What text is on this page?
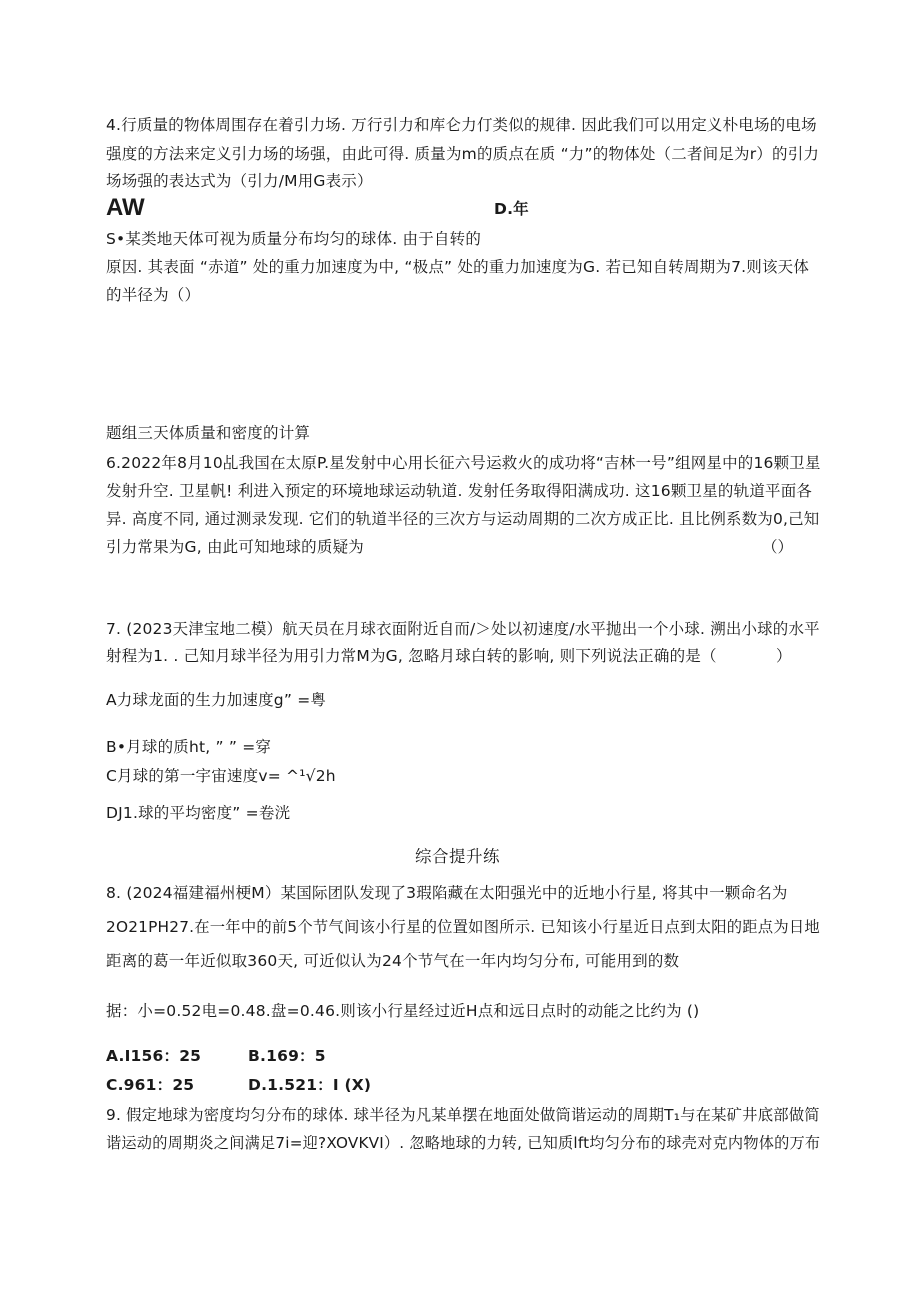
4.行质量的物体周围存在着引力场. 万行引力和库仑力仃类似的规律. 因此我们可以用定义朴电场的电场
强度的方法来定义引力场的场强，由此可得. 质量为m的质点在质 “力”的物体处（二者间足为r）的引力
场场强的表达式为（引力/M用G表示）
AW	D.年
S•某类地天体可视为质量分布均匀的球体. 由于自转的
原因. 其表面 “赤道” 处的重力加速度为中, “极点” 处的重力加速度为G. 若已知自转周期为7.则该天体
的半径为（）
题组三天体质量和密度的计算
6.2022年8月10乩我国在太原P.星发射中心用长征六号运救火的成功将“吉林一号”组网星中的16颗卫星
发射升空. 卫星帆! 利进入预定的环境地球运动轨道. 发射任务取得阳满成功. 这16颗卫星的轨道平面各
异. 高度不同, 通过测录发现. 它们的轨道半径的三次方与运动周期的二次方成正比. 且比例系数为0,己知
引力常果为G, 由此可知地球的质疑为	（）
7. (2023天津宝地二模）航天员在月球衣面附近自而/＞处以初速度/水平抛出一个小球. 溯出小球的水平
射程为1. . 己知月球半径为用引力常M为G, 忽略月球白转的影响, 则下列说法正确的是（	）
A力球龙面的生力加速度g” =粤
B•月球的质ht, ” ” =穿
C月球的第一宇宙速度v= ^¹√2h
DJ1.球的平均密度” =卷洸
综合提升练
8. (2024福建福州梗M）某国际团队发现了3瑕陷藏在太阳强光中的近地小行星, 将其中一颗命名为
2O21PH27.在一年中的前5个节气间该小行星的位置如图所示. 已知该小行星近日点到太阳的距点为日地
距离的葛一年近似取360天, 可近似认为24个节气在一年内均匀分布, 可能用到的数
据：小=0.52电=0.48.盘=0.46.则该小行星经过近H点和远日点时的动能之比约为 ()
A.I156：25	B.169：5
C.961：25	D.1.521：I (X)
9. 假定地球为密度均匀分布的球体. 球半径为凡某单摆在地面处做筒谐运动的周期T₁与在某矿井底部做简
谐运动的周期炎之间满足7i=迎?XOVKVI）. 忽略地球的力转, 已知质lft均匀分布的球壳对克内物体的万布
